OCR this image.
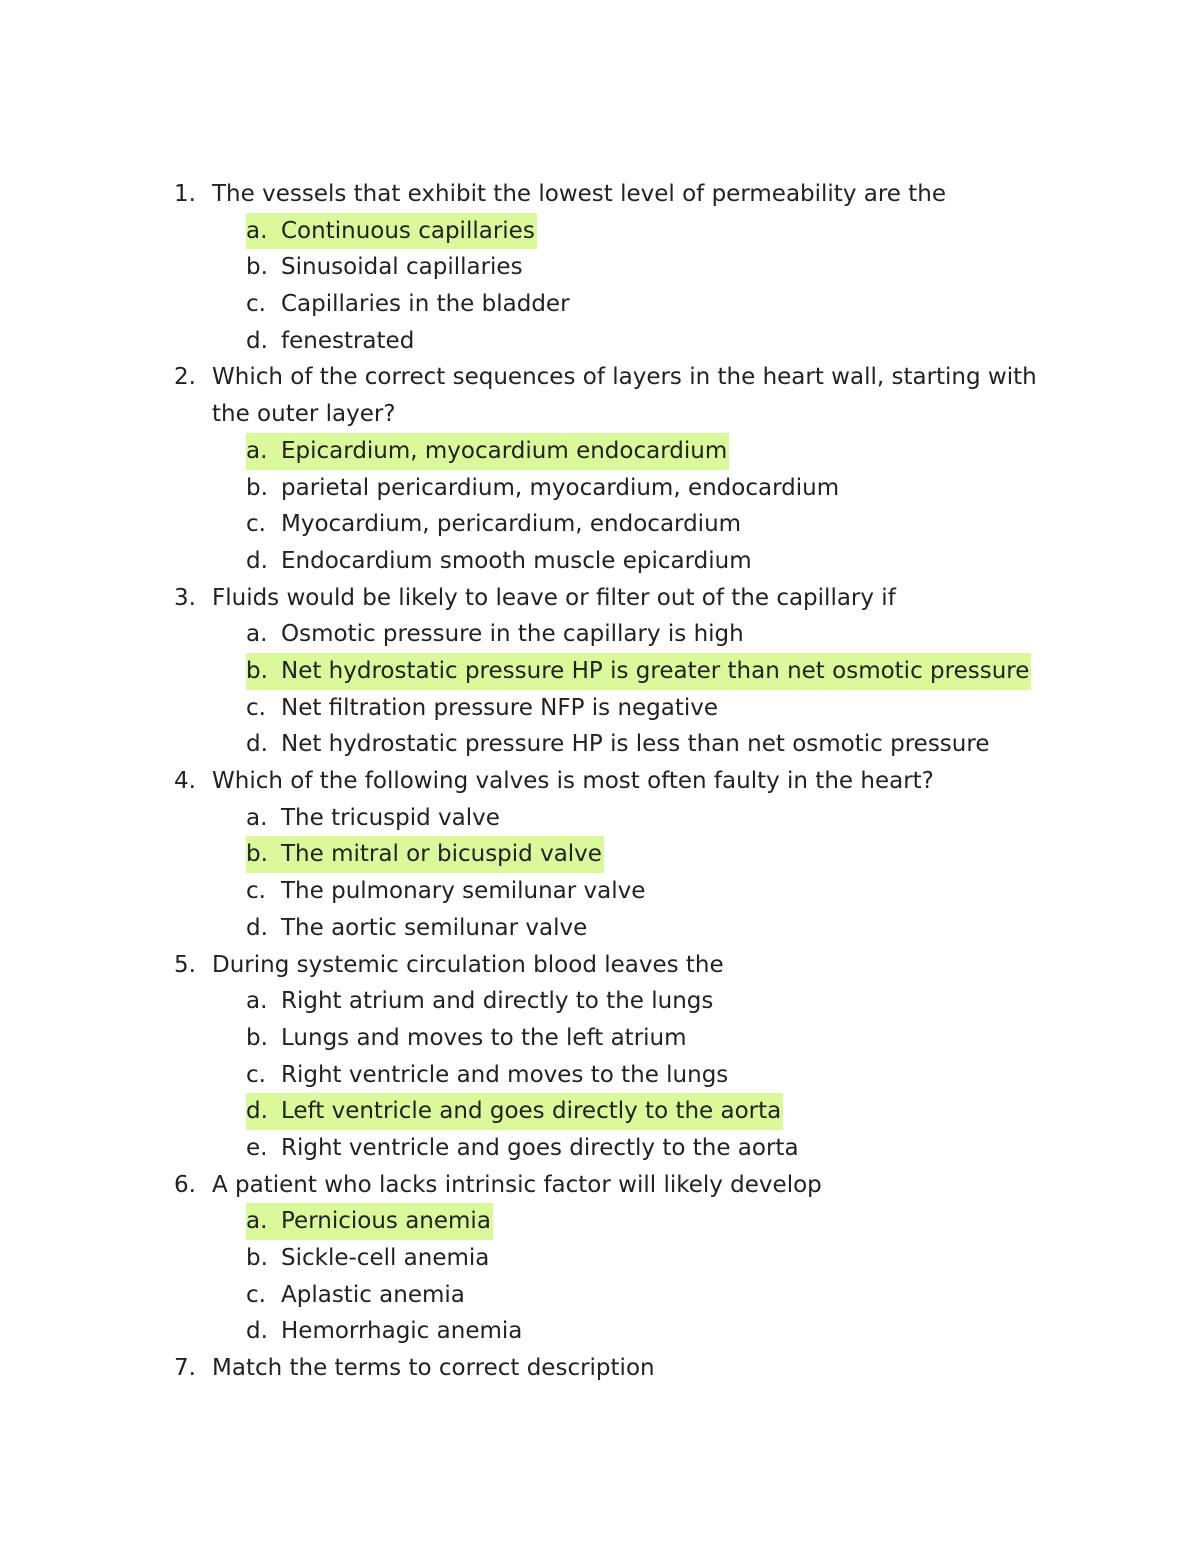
1. The vessels that exhibit the lowest level of permeability are the
a. Continuous capillaries
b. Sinusoidal capillaries
c. Capillaries in the bladder
d. fenestrated
2. Which of the correct sequences of layers in the heart wall, starting with the outer layer?
a. Epicardium, myocardium endocardium
b. parietal pericardium, myocardium, endocardium
c. Myocardium, pericardium, endocardium
d. Endocardium smooth muscle epicardium
3. Fluids would be likely to leave or filter out of the capillary if
a. Osmotic pressure in the capillary is high
b. Net hydrostatic pressure HP is greater than net osmotic pressure
c. Net filtration pressure NFP is negative
d. Net hydrostatic pressure HP is less than net osmotic pressure
4. Which of the following valves is most often faulty in the heart?
a. The tricuspid valve
b. The mitral or bicuspid valve
c. The pulmonary semilunar valve
d. The aortic semilunar valve
5. During systemic circulation blood leaves the
a. Right atrium and directly to the lungs
b. Lungs and moves to the left atrium
c. Right ventricle and moves to the lungs
d. Left ventricle and goes directly to the aorta
e. Right ventricle and goes directly to the aorta
6. A patient who lacks intrinsic factor will likely develop
a. Pernicious anemia
b. Sickle-cell anemia
c. Aplastic anemia
d. Hemorrhagic anemia
7. Match the terms to correct description
